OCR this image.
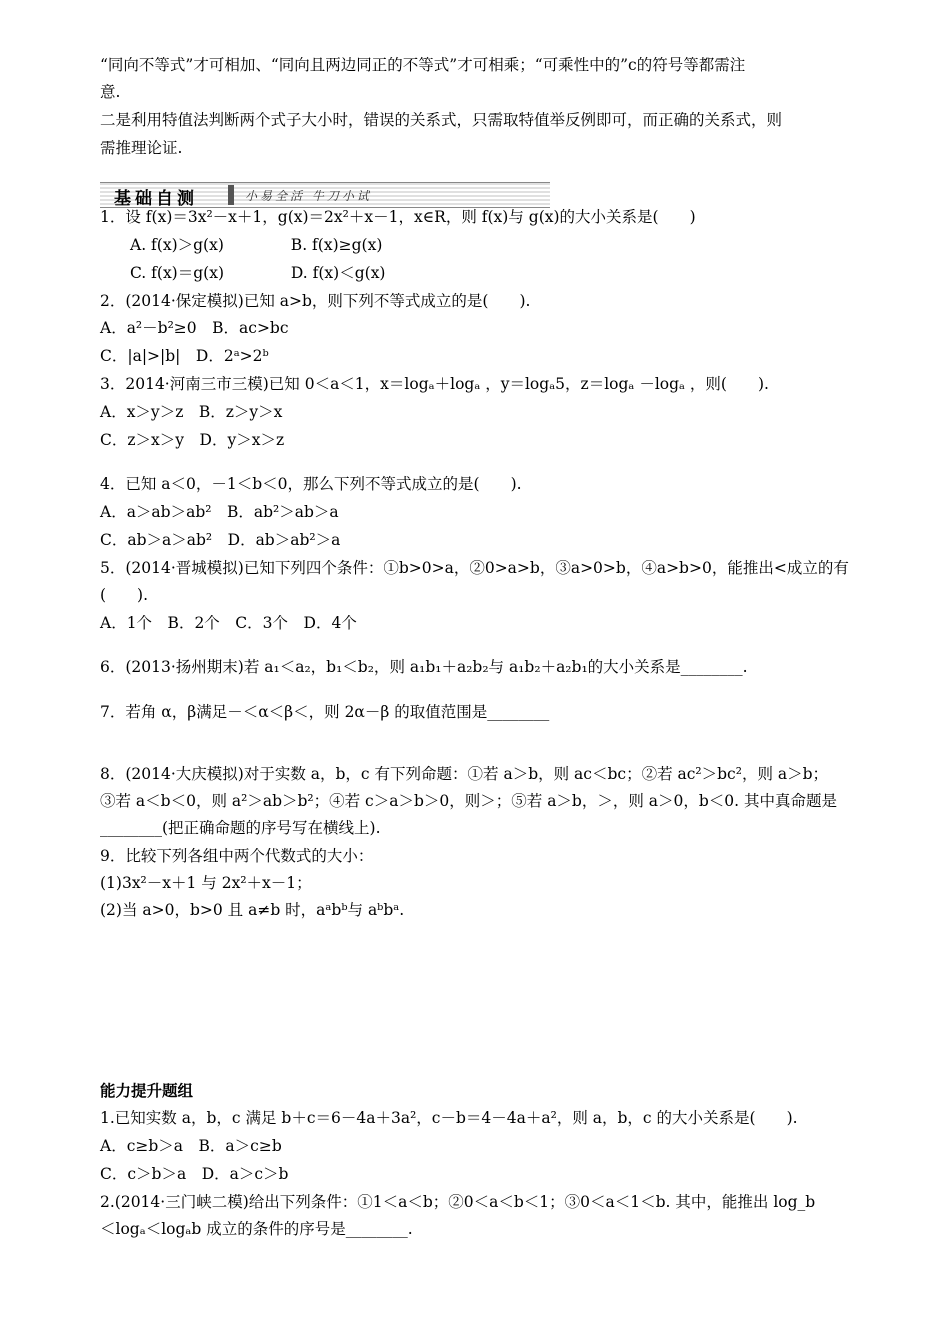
“同向不等式”才可相加、“同向且两边同正的不等式”才可相乘；“可乘性中的”c的符号等都需注
意.
二是利用特值法判断两个式子大小时，错误的关系式，只需取特值举反例即可，而正确的关系式，则
需推理论证.
基础自测	小易全活 牛刀小试
1．设 f(x)＝3x²－x＋1，g(x)＝2x²＋x－1，x∈R，则 f(x)与 g(x)的大小关系是(　　)
A. f(x)＞g(x)　　　　 B. f(x)≥g(x)
C. f(x)＝g(x)　　　　 D. f(x)＜g(x)
2．(2014·保定模拟)已知 a>b，则下列不等式成立的是(　　).
A．a²－b²≥0　B．ac>bc
C．|a|>|b|　D．2ᵃ>2ᵇ
3．2014·河南三市三模)已知 0＜a＜1，x＝logₐ＋logₐ ，y＝logₐ5，z＝logₐ －logₐ ，则(　　).
A．x＞y＞z　B．z＞y＞x
C．z＞x＞y　D．y＞x＞z
4．已知 a＜0，－1＜b＜0，那么下列不等式成立的是(　　).
A．a＞ab＞ab²　B．ab²＞ab＞a
C．ab＞a＞ab²　D．ab＞ab²＞a
5．(2014·晋城模拟)已知下列四个条件：①b>0>a，②0>a>b，③a>0>b，④a>b>0，能推出<成立的有
(　　).
A．1个　B．2个　C．3个　D．4个
6．(2013·扬州期末)若 a₁＜a₂，b₁＜b₂，则 a₁b₁＋a₂b₂与 a₁b₂＋a₂b₁的大小关系是________.
7．若角 α，β满足－＜α＜β＜，则 2α－β 的取值范围是________
8．(2014·大庆模拟)对于实数 a，b，c 有下列命题：①若 a＞b，则 ac＜bc；②若 ac²＞bc²，则 a＞b；
③若 a＜b＜0，则 a²＞ab＞b²；④若 c＞a＞b＞0，则＞；⑤若 a＞b，＞，则 a＞0，b＜0. 其中真命题是
________(把正确命题的序号写在横线上).
9．比较下列各组中两个代数式的大小：
(1)3x²－x＋1 与 2x²＋x－1；
(2)当 a>0，b>0 且 a≠b 时，aᵃbᵇ与 aᵇbᵃ.
能力提升题组
1.已知实数 a，b，c 满足 b＋c＝6－4a＋3a²，c－b＝4－4a＋a²，则 a，b，c 的大小关系是(　　).
A．c≥b＞a　B．a＞c≥b
C．c＞b＞a　D．a＞c＞b
2.(2014·三门峡二模)给出下列条件：①1＜a＜b；②0＜a＜b＜1；③0＜a＜1＜b. 其中，能推出 log_b
＜logₐ＜logₐb 成立的条件的序号是________.
